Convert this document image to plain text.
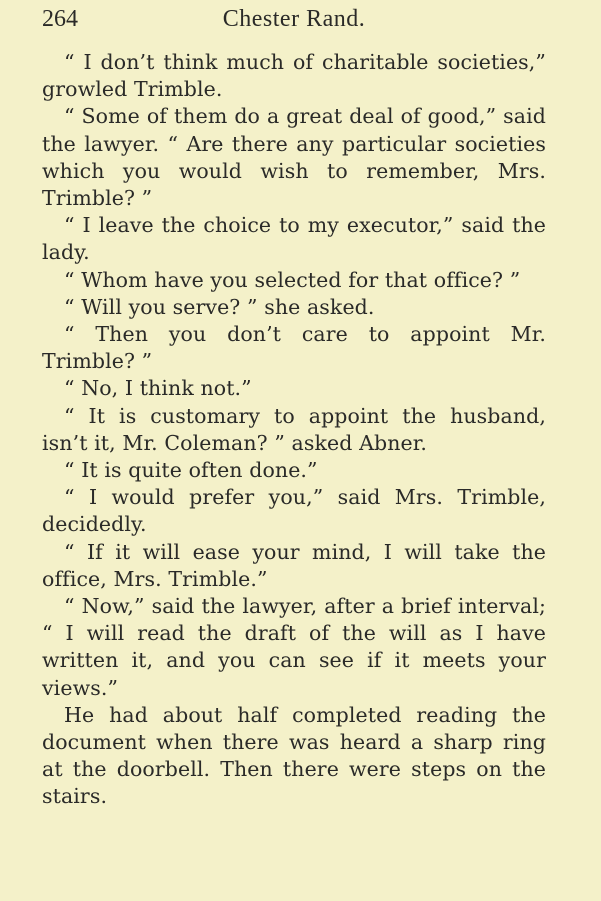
264	Chester Rand.

“ I don’t think much of charitable societies,” growled Trimble.

“ Some of them do a great deal of good,” said the lawyer. “ Are there any particular societies which you would wish to remember, Mrs. Trimble? ”

“ I leave the choice to my executor,” said the lady.

“ Whom have you selected for that office? ”

“ Will you serve? ” she asked.

“ Then you don’t care to appoint Mr. Trimble? ”

“ No, I think not.”

“ It is customary to appoint the husband, isn’t it, Mr. Coleman? ” asked Abner.

“ It is quite often done.”

“ I would prefer you,” said Mrs. Trimble, decidedly.

“ If it will ease your mind, I will take the office, Mrs. Trimble.”

“ Now,” said the lawyer, after a brief interval; “ I will read the draft of the will as I have written it, and you can see if it meets your views.”

He had about half completed reading the document when there was heard a sharp ring at the doorbell. Then there were steps on the stairs.
